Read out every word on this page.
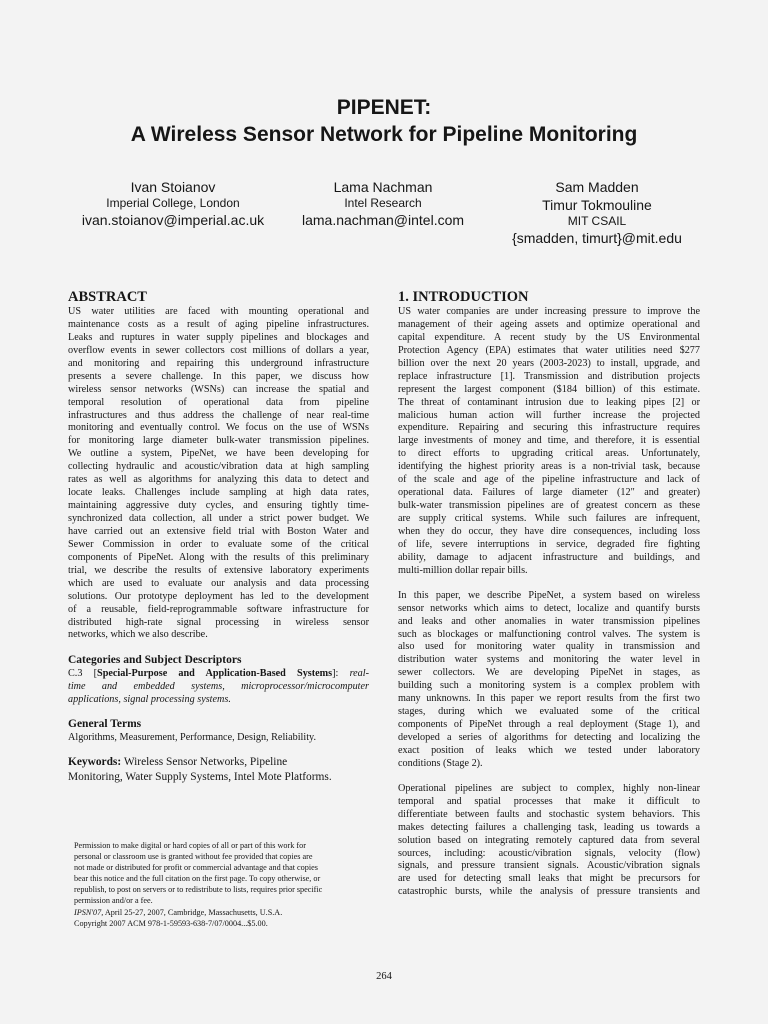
PIPENET:
A Wireless Sensor Network for Pipeline Monitoring
Ivan Stoianov
Imperial College, London
ivan.stoianov@imperial.ac.uk
Lama Nachman
Intel Research
lama.nachman@intel.com
Sam Madden
Timur Tokmouline
MIT CSAIL
{smadden, timurt}@mit.edu
ABSTRACT
US water utilities are faced with mounting operational and
maintenance costs as a result of aging pipeline infrastructures.
Leaks and ruptures in water supply pipelines and blockages and
overflow events in sewer collectors cost millions of dollars a year,
and monitoring and repairing this underground infrastructure
presents a severe challenge. In this paper, we discuss how
wireless sensor networks (WSNs) can increase the spatial and
temporal resolution of operational data from pipeline
infrastructures and thus address the challenge of near real-time
monitoring and eventually control. We focus on the use of WSNs
for monitoring large diameter bulk-water transmission pipelines.
We outline a system, PipeNet, we have been developing for
collecting hydraulic and acoustic/vibration data at high sampling
rates as well as algorithms for analyzing this data to detect and
locate leaks. Challenges include sampling at high data rates,
maintaining aggressive duty cycles, and ensuring tightly time-
synchronized data collection, all under a strict power budget. We
have carried out an extensive field trial with Boston Water and
Sewer Commission in order to evaluate some of the critical
components of PipeNet. Along with the results of this preliminary
trial, we describe the results of extensive laboratory experiments
which are used to evaluate our analysis and data processing
solutions. Our prototype deployment has led to the development
of a reusable, field-reprogrammable software infrastructure for
distributed high-rate signal processing in wireless sensor
networks, which we also describe.
Categories and Subject Descriptors
C.3 [Special-Purpose and Application-Based Systems]: real-
time and embedded systems, microprocessor/microcomputer
applications, signal processing systems.
General Terms
Algorithms, Measurement, Performance, Design, Reliability.
Keywords: Wireless Sensor Networks, Pipeline
Monitoring, Water Supply Systems, Intel Mote Platforms.
Permission to make digital or hard copies of all or part of this work for
personal or classroom use is granted without fee provided that copies are
not made or distributed for profit or commercial advantage and that copies
bear this notice and the full citation on the first page. To copy otherwise, or
republish, to post on servers or to redistribute to lists, requires prior specific
permission and/or a fee.
IPSN'07, April 25-27, 2007, Cambridge, Massachusetts, U.S.A.
Copyright 2007 ACM 978-1-59593-638-7/07/0004...$5.00.
1. INTRODUCTION
US water companies are under increasing pressure to improve the
management of their ageing assets and optimize operational and
capital expenditure. A recent study by the US Environmental
Protection Agency (EPA) estimates that water utilities need $277
billion over the next 20 years (2003-2023) to install, upgrade, and
replace infrastructure [1]. Transmission and distribution projects
represent the largest component ($184 billion) of this estimate.
The threat of contaminant intrusion due to leaking pipes [2] or
malicious human action will further increase the projected
expenditure. Repairing and securing this infrastructure requires
large investments of money and time, and therefore, it is essential
to direct efforts to upgrading critical areas. Unfortunately,
identifying the highest priority areas is a non-trivial task, because
of the scale and age of the pipeline infrastructure and lack of
operational data. Failures of large diameter (12" and greater)
bulk-water transmission pipelines are of greatest concern as these
are supply critical systems. While such failures are infrequent,
when they do occur, they have dire consequences, including loss
of life, severe interruptions in service, degraded fire fighting
ability, damage to adjacent infrastructure and buildings, and
multi-million dollar repair bills.
In this paper, we describe PipeNet, a system based on wireless
sensor networks which aims to detect, localize and quantify bursts
and leaks and other anomalies in water transmission pipelines
such as blockages or malfunctioning control valves. The system is
also used for monitoring water quality in transmission and
distribution water systems and monitoring the water level in
sewer collectors. We are developing PipeNet in stages, as
building such a monitoring system is a complex problem with
many unknowns. In this paper we report results from the first two
stages, during which we evaluated some of the critical
components of PipeNet through a real deployment (Stage 1), and
developed a series of algorithms for detecting and localizing the
exact position of leaks which we tested under laboratory
conditions (Stage 2).
Operational pipelines are subject to complex, highly non-linear
temporal and spatial processes that make it difficult to
differentiate between faults and stochastic system behaviors. This
makes detecting failures a challenging task, leading us towards a
solution based on integrating remotely captured data from several
sources, including: acoustic/vibration signals, velocity (flow)
signals, and pressure transient signals. Acoustic/vibration signals
are used for detecting small leaks that might be precursors for
catastrophic bursts, while the analysis of pressure transients and
264
